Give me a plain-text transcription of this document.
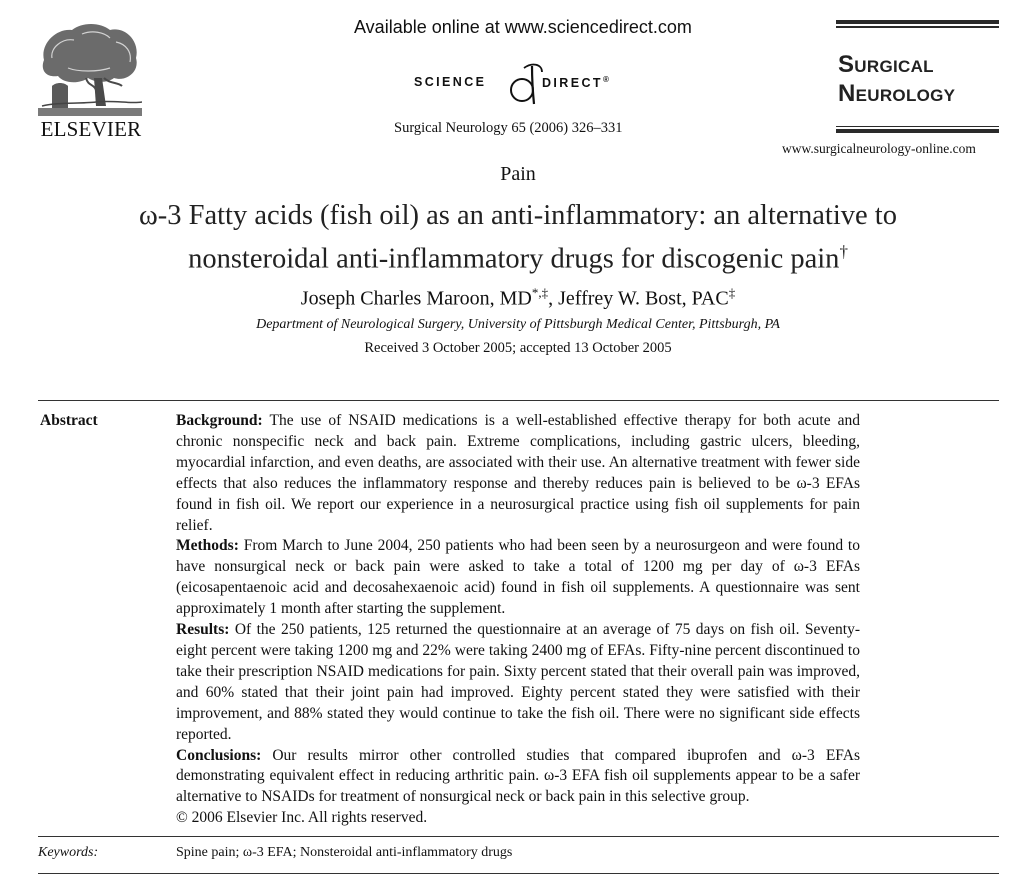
ELSEVIER
Available online at www.sciencedirect.com
SCIENCE	DIRECT®
Surgical Neurology 65 (2006) 326–331
Surgical
Neurology
www.surgicalneurology-online.com
Pain
ω-3 Fatty acids (fish oil) as an anti-inflammatory: an alternative to
nonsteroidal anti-inflammatory drugs for discogenic pain†
Joseph Charles Maroon, MD*,‡, Jeffrey W. Bost, PAC‡
Department of Neurological Surgery, University of Pittsburgh Medical Center, Pittsburgh, PA
Received 3 October 2005; accepted 13 October 2005
Abstract	Background: The use of NSAID medications is a well-established effective therapy for both acute and chronic nonspecific neck and back pain. Extreme complications, including gastric ulcers, bleeding, myocardial infarction, and even deaths, are associated with their use. An alternative treatment with fewer side effects that also reduces the inflammatory response and thereby reduces pain is believed to be ω-3 EFAs found in fish oil. We report our experience in a neurosurgical practice using fish oil supplements for pain relief.

Methods: From March to June 2004, 250 patients who had been seen by a neurosurgeon and were found to have nonsurgical neck or back pain were asked to take a total of 1200 mg per day of ω-3 EFAs (eicosapentaenoic acid and decosahexaenoic acid) found in fish oil supplements. A questionnaire was sent approximately 1 month after starting the supplement.

Results: Of the 250 patients, 125 returned the questionnaire at an average of 75 days on fish oil. Seventy-eight percent were taking 1200 mg and 22% were taking 2400 mg of EFAs. Fifty-nine percent discontinued to take their prescription NSAID medications for pain. Sixty percent stated that their overall pain was improved, and 60% stated that their joint pain had improved. Eighty percent stated they were satisfied with their improvement, and 88% stated they would continue to take the fish oil. There were no significant side effects reported.

Conclusions: Our results mirror other controlled studies that compared ibuprofen and ω-3 EFAs demonstrating equivalent effect in reducing arthritic pain. ω-3 EFA fish oil supplements appear to be a safer alternative to NSAIDs for treatment of nonsurgical neck or back pain in this selective group.

© 2006 Elsevier Inc. All rights reserved.

Keywords:	Spine pain; ω-3 EFA; Nonsteroidal anti-inflammatory drugs
